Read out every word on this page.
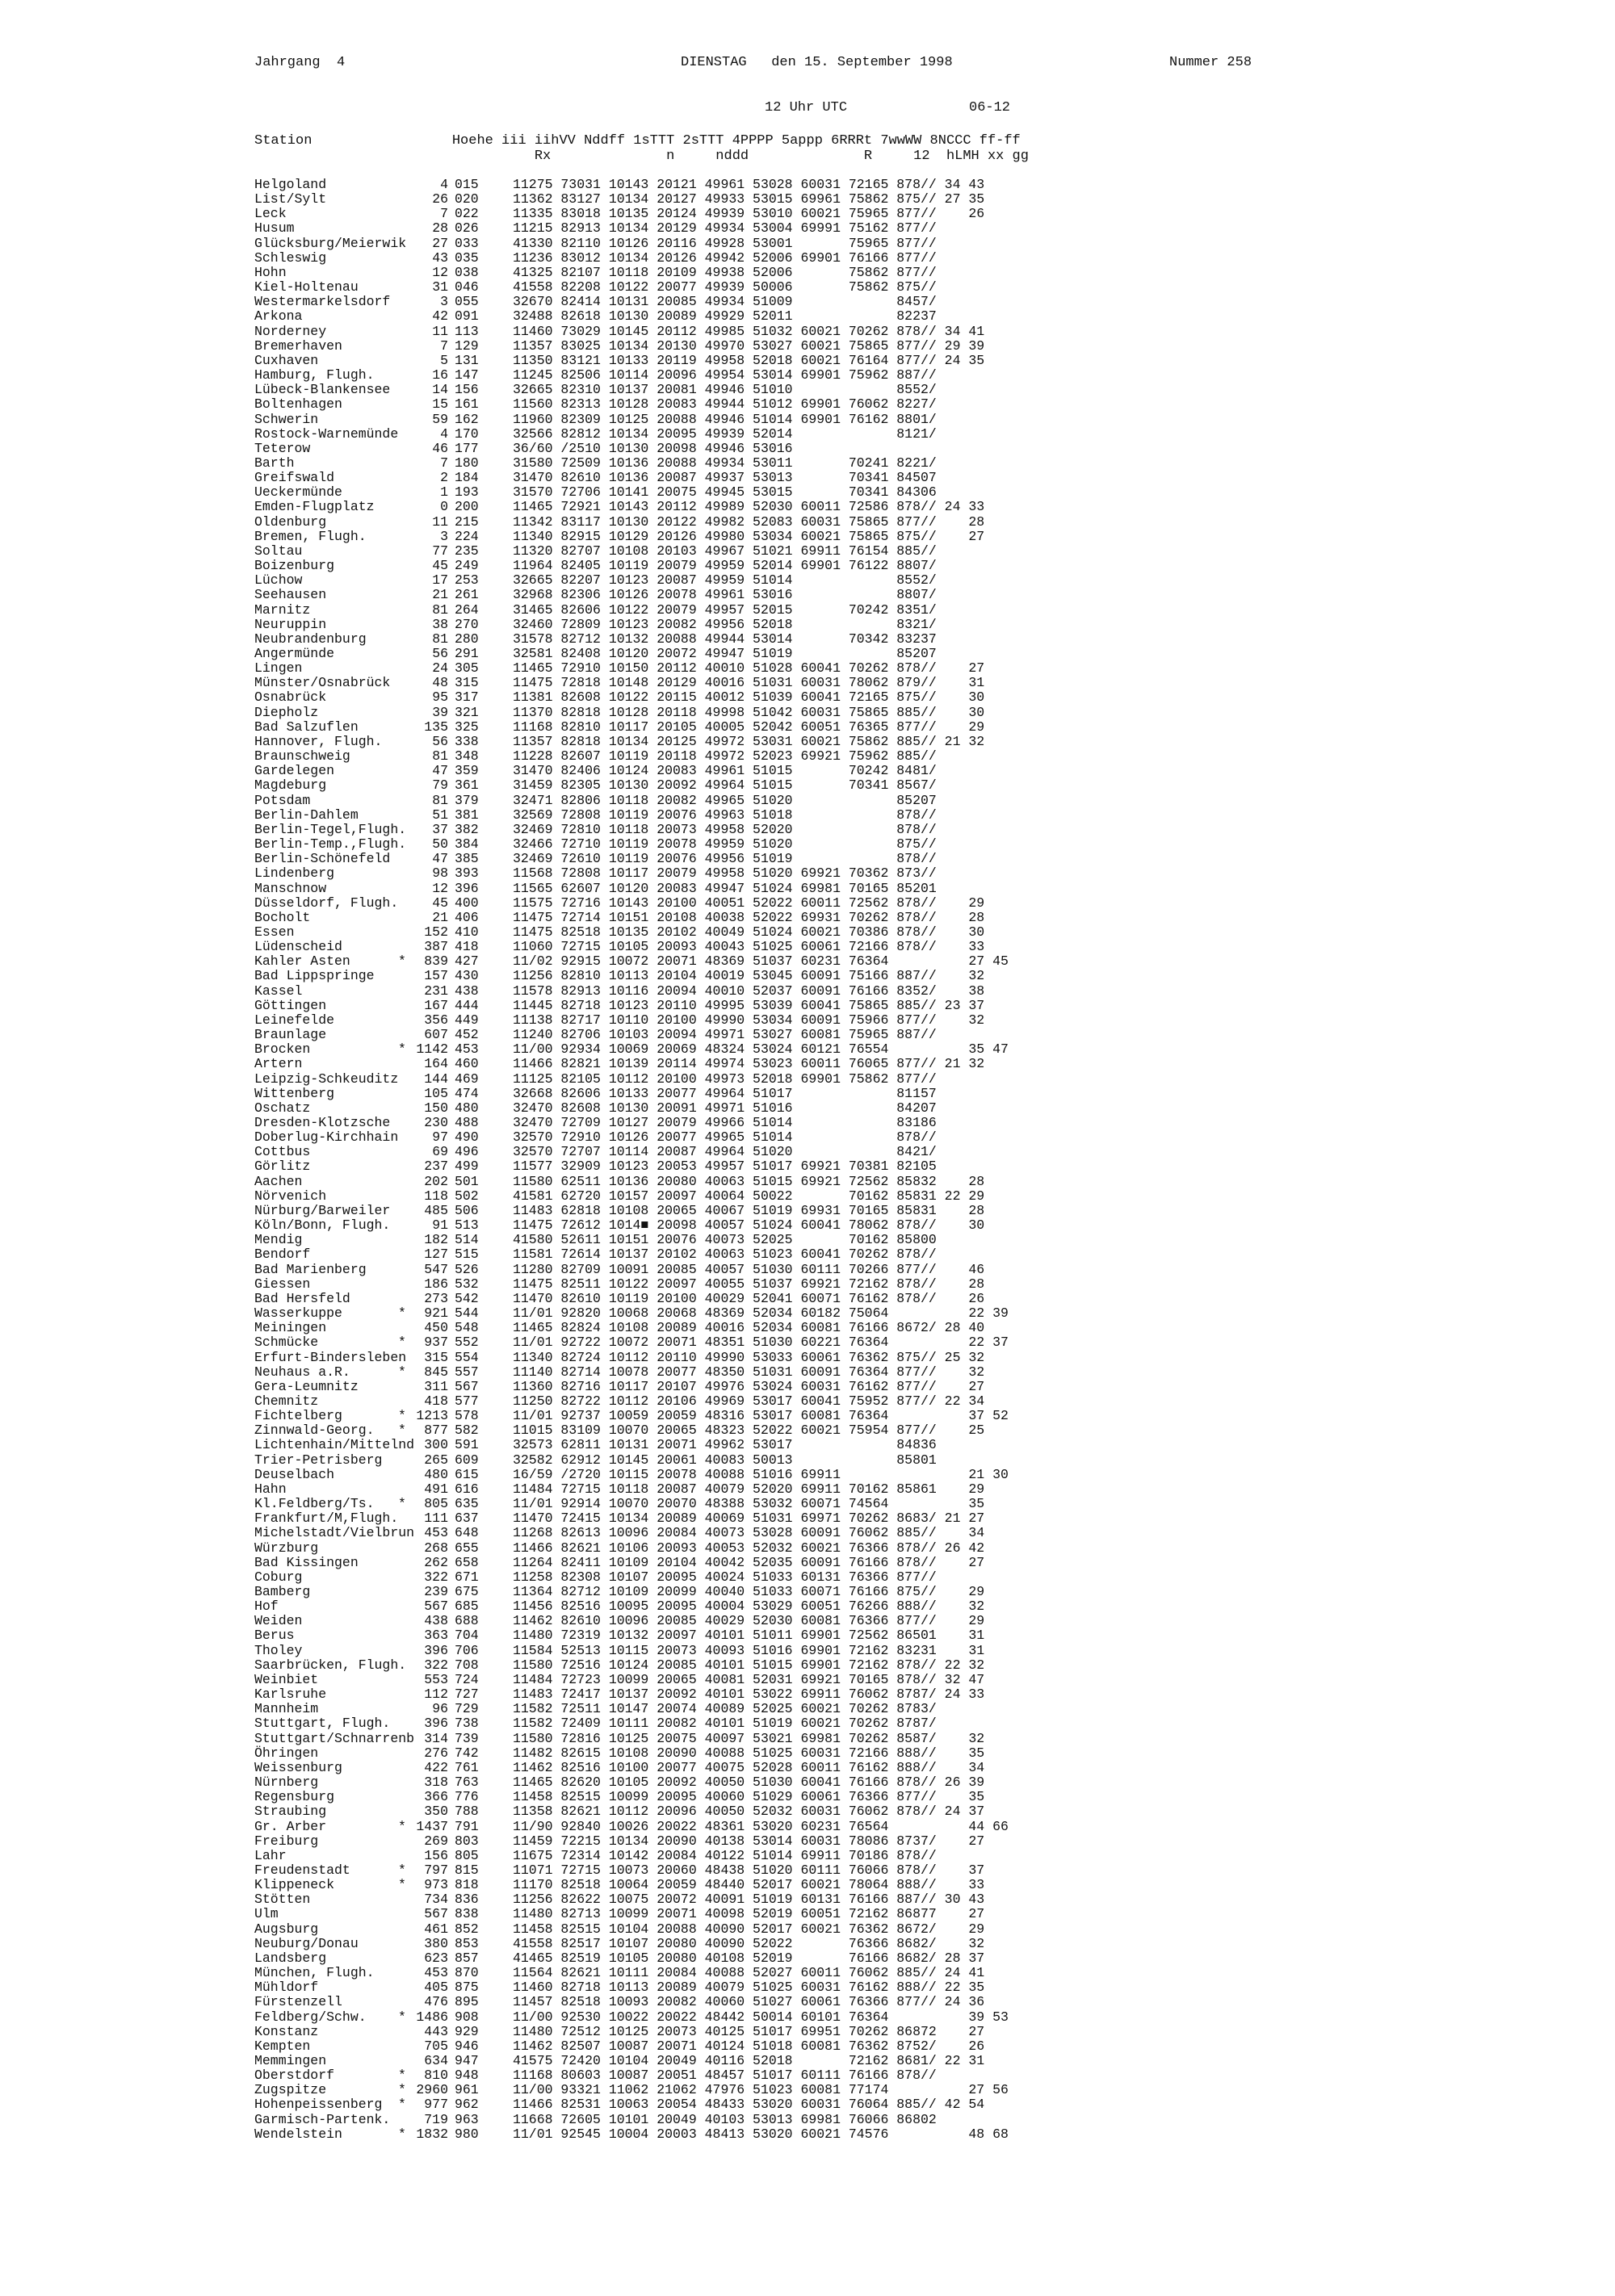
Jahrgang  4	DIENSTAG   den 15. September 1998	Nummer 258
12 Uhr UTC	06-12
Station                 Hoehe iii iihVV Nddff 1sTTT 2sTTT 4PPPP 5appp 6RRRt 7wwWW 8NCCC ff-ff
Rx              n     nddd              R     12  hLMH xx gg
Helgoland	4 015	11275 73031 10143 20121 49961 53028 60031 72165 878// 34 43
List/Sylt	26 020	11362 83127 10134 20127 49933 53015 69961 75862 875// 27 35
Leck	7 022	11335 83018 10135 20124 49939 53010 60021 75965 877//    26
Husum	28 026	11215 82913 10134 20129 49934 53004 69991 75162 877//
Glücksburg/Meierwik	27 033	41330 82110 10126 20116 49928 53001       75965 877//
Schleswig	43 035	11236 83012 10134 20126 49942 52006 69901 76166 877//
Hohn	12 038	41325 82107 10118 20109 49938 52006       75862 877//
Kiel-Holtenau	31 046	41558 82208 10122 20077 49939 50006       75862 875//
Westermarkelsdorf	3 055	32670 82414 10131 20085 49934 51009             8457/
Arkona	42 091	32488 82618 10130 20089 49929 52011             82237
Norderney	11 113	11460 73029 10145 20112 49985 51032 60021 70262 878// 34 41
Bremerhaven	7 129	11357 83025 10134 20130 49970 53027 60021 75865 877// 29 39
Cuxhaven	5 131	11350 83121 10133 20119 49958 52018 60021 76164 877// 24 35
Hamburg, Flugh.	16 147	11245 82506 10114 20096 49954 53014 69901 75962 887//
Lübeck-Blankensee	14 156	32665 82310 10137 20081 49946 51010             8552/
Boltenhagen	15 161	11560 82313 10128 20083 49944 51012 69901 76062 8227/
Schwerin	59 162	11960 82309 10125 20088 49946 51014 69901 76162 8801/
Rostock-Warnemünde	4 170	32566 82812 10134 20095 49939 52014             8121/
Teterow	46 177	36/60 /2510 10130 20098 49946 53016
Barth	7 180	31580 72509 10136 20088 49934 53011       70241 8221/
Greifswald	2 184	31470 82610 10136 20087 49937 53013       70341 84507
Ueckermünde	1 193	31570 72706 10141 20075 49945 53015       70341 84306
Emden-Flugplatz	0 200	11465 72921 10143 20112 49989 52030 60011 72586 878// 24 33
Oldenburg	11 215	11342 83117 10130 20122 49982 52083 60031 75865 877//    28
Bremen, Flugh.	3 224	11340 82915 10129 20126 49980 53034 60021 75865 875//    27
Soltau	77 235	11320 82707 10108 20103 49967 51021 69911 76154 885//
Boizenburg	45 249	11964 82405 10119 20079 49959 52014 69901 76122 8807/
Lüchow	17 253	32665 82207 10123 20087 49959 51014             8552/
Seehausen	21 261	32968 82306 10126 20078 49961 53016             8807/
Marnitz	81 264	31465 82606 10122 20079 49957 52015       70242 8351/
Neuruppin	38 270	32460 72809 10123 20082 49956 52018             8321/
Neubrandenburg	81 280	31578 82712 10132 20088 49944 53014       70342 83237
Angermünde	56 291	32581 82408 10120 20072 49947 51019             85207
Lingen	24 305	11465 72910 10150 20112 40010 51028 60041 70262 878//    27
Münster/Osnabrück	48 315	11475 72818 10148 20129 40016 51031 60031 78062 879//    31
Osnabrück	95 317	11381 82608 10122 20115 40012 51039 60041 72165 875//    30
Diepholz	39 321	11370 82818 10128 20118 49998 51042 60031 75865 885//    30
Bad Salzuflen	135 325	11168 82810 10117 20105 40005 52042 60051 76365 877//    29
Hannover, Flugh.	56 338	11357 82818 10134 20125 49972 53031 60021 75862 885// 21 32
Braunschweig	81 348	11228 82607 10119 20118 49972 52023 69921 75962 885//
Gardelegen	47 359	31470 82406 10124 20083 49961 51015       70242 8481/
Magdeburg	79 361	31459 82305 10130 20092 49964 51015       70341 8567/
Potsdam	81 379	32471 82806 10118 20082 49965 51020             85207
Berlin-Dahlem	51 381	32569 72808 10119 20076 49963 51018             878//
Berlin-Tegel,Flugh.	37 382	32469 72810 10118 20073 49958 52020             878//
Berlin-Temp.,Flugh.	50 384	32466 72710 10119 20078 49959 51020             875//
Berlin-Schönefeld	47 385	32469 72610 10119 20076 49956 51019             878//
Lindenberg	98 393	11568 72808 10117 20079 49958 51020 69921 70362 873//
Manschnow	12 396	11565 62607 10120 20083 49947 51024 69981 70165 85201
Düsseldorf, Flugh.	45 400	11575 72716 10143 20100 40051 52022 60011 72562 878//    29
Bocholt	21 406	11475 72714 10151 20108 40038 52022 69931 70262 878//    28
Essen	152 410	11475 82518 10135 20102 40049 51024 60021 70386 878//    30
Lüdenscheid	387 418	11060 72715 10105 20093 40043 51025 60061 72166 878//    33
Kahler Asten	*	839 427	11/02 92915 10072 20071 48369 51037 60231 76364          27 45
Bad Lippspringe	157 430	11256 82810 10113 20104 40019 53045 60091 75166 887//    32
Kassel	231 438	11578 82913 10116 20094 40010 52037 60091 76166 8352/    38
Göttingen	167 444	11445 82718 10123 20110 49995 53039 60041 75865 885// 23 37
Leinefelde	356 449	11138 82717 10110 20100 49990 53034 60091 75966 877//    32
Braunlage	607 452	11240 82706 10103 20094 49971 53027 60081 75965 887//
Brocken	* 1142 453	11/00 92934 10069 20069 48324 53024 60121 76554          35 47
Artern	164 460	11466 82821 10139 20114 49974 53023 60011 76065 877// 21 32
Leipzig-Schkeuditz	144 469	11125 82105 10112 20100 49973 52018 69901 75862 877//
Wittenberg	105 474	32668 82606 10133 20077 49964 51017             81157
Oschatz	150 480	32470 82608 10130 20091 49971 51016             84207
Dresden-Klotzsche	230 488	32470 72709 10127 20079 49966 51014             83186
Doberlug-Kirchhain	97 490	32570 72910 10126 20077 49965 51014             878//
Cottbus	69 496	32570 72707 10114 20087 49964 51020             8421/
Görlitz	237 499	11577 32909 10123 20053 49957 51017 69921 70381 82105
Aachen	202 501	11580 62511 10136 20080 40063 51015 69921 72562 85832    28
Nörvenich	118 502	41581 62720 10157 20097 40064 50022       70162 85831 22 29
Nürburg/Barweiler	485 506	11483 62818 10108 20065 40067 51019 69931 70165 85831    28
Köln/Bonn, Flugh.	91 513	11475 72612 1014■ 20098 40057 51024 60041 78062 878//    30
Mendig	182 514	41580 52611 10151 20076 40073 52025       70162 85800
Bendorf	127 515	11581 72614 10137 20102 40063 51023 60041 70262 878//
Bad Marienberg	547 526	11280 82709 10091 20085 40057 51030 60111 70266 877//    46
Giessen	186 532	11475 82511 10122 20097 40055 51037 69921 72162 878//    28
Bad Hersfeld	273 542	11470 82610 10119 20100 40029 52041 60071 76162 878//    26
Wasserkuppe	*	921 544	11/01 92820 10068 20068 48369 52034 60182 75064          22 39
Meiningen	450 548	11465 82824 10108 20089 40016 52034 60081 76166 8672/ 28 40
Schmücke	*	937 552	11/01 92722 10072 20071 48351 51030 60221 76364          22 37
Erfurt-Bindersleben	315 554	11340 82724 10112 20110 49990 53033 60061 76362 875// 25 32
Neuhaus a.R.	*	845 557	11140 82714 10078 20077 48350 51031 60091 76364 877//    32
Gera-Leumnitz	311 567	11360 82716 10117 20107 49976 53024 60031 76162 877//    27
Chemnitz	418 577	11250 82722 10112 20106 49969 53017 60041 75952 877// 22 34
Fichtelberg	* 1213 578	11/01 92737 10059 20059 48316 53017 60081 76364          37 52
Zinnwald-Georg. *	877 582	11015 83109 10070 20065 48323 52022 60021 75954 877//    25
Lichtenhain/Mittelnd 300 591	32573 62811 10131 20071 49962 53017             84836
Trier-Petrisberg	265 609	32582 62912 10145 20061 40083 50013             85801
Deuselbach	480 615	16/59 /2720 10115 20078 40088 51016 69911                21 30
Hahn	491 616	11484 72715 10118 20087 40079 52020 69911 70162 85861    29
Kl.Feldberg/Ts. *	805 635	11/01 92914 10070 20070 48388 53032 60071 74564          35
Frankfurt/M,Flugh.	111 637	11470 72415 10134 20089 40069 51031 69971 70262 8683/ 21 27
Michelstadt/Vielbrun 453 648	11268 82613 10096 20084 40073 53028 60091 76062 885//    34
Würzburg	268 655	11466 82621 10106 20093 40053 52032 60021 76366 878// 26 42
Bad Kissingen	262 658	11264 82411 10109 20104 40042 52035 60091 76166 878//    27
Coburg	322 671	11258 82308 10107 20095 40024 51033 60131 76366 877//
Bamberg	239 675	11364 82712 10109 20099 40040 51033 60071 76166 875//    29
Hof	567 685	11456 82516 10095 20095 40004 53029 60051 76266 888//    32
Weiden	438 688	11462 82610 10096 20085 40029 52030 60081 76366 877//    29
Berus	363 704	11480 72319 10132 20097 40101 51011 69901 72562 86501    31
Tholey	396 706	11584 52513 10115 20073 40093 51016 69901 72162 83231    31
Saarbrücken, Flugh.	322 708	11580 72516 10124 20085 40101 51015 69901 72162 878// 22 32
Weinbiet	553 724	11484 72723 10099 20065 40081 52031 69921 70165 878// 32 47
Karlsruhe	112 727	11483 72417 10137 20092 40101 53022 69911 76062 8787/ 24 33
Mannheim	96 729	11582 72511 10147 20074 40089 52025 60021 70262 8783/
Stuttgart, Flugh.	396 738	11582 72409 10111 20082 40101 51019 60021 70262 8787/
Stuttgart/Schnarrenb 314 739	11580 72816 10125 20075 40097 53021 69981 70262 8587/    32
Öhringen	276 742	11482 82615 10108 20090 40088 51025 60031 72166 888//    35
Weissenburg	422 761	11462 82516 10100 20077 40075 52028 60011 76162 888//    34
Nürnberg	318 763	11465 82620 10105 20092 40050 51030 60041 76166 878// 26 39
Regensburg	366 776	11458 82515 10099 20095 40060 51029 60061 76366 877//    35
Straubing	350 788	11358 82621 10112 20096 40050 52032 60031 76062 878// 24 37
Gr. Arber	* 1437 791	11/90 92840 10026 20022 48361 53020 60231 76564          44 66
Freiburg	269 803	11459 72215 10134 20090 40138 53014 60031 78086 8737/    27
Lahr	156 805	11675 72314 10142 20084 40122 51014 69911 70186 878//
Freudenstadt	*	797 815	11071 72715 10073 20060 48438 51020 60111 76066 878//    37
Klippeneck	*	973 818	11170 82518 10064 20059 48440 52017 60021 78064 888//    33
Stötten	734 836	11256 82622 10075 20072 40091 51019 60131 76166 887// 30 43
Ulm	567 838	11480 82713 10099 20071 40098 52019 60051 72162 86877    27
Augsburg	461 852	11458 82515 10104 20088 40090 52017 60021 76362 8672/    29
Neuburg/Donau	380 853	41558 82517 10107 20080 40090 52022       76366 8682/    32
Landsberg	623 857	41465 82519 10105 20080 40108 52019       76166 8682/ 28 37
München, Flugh.	453 870	11564 82621 10111 20084 40088 52027 60011 76062 885// 24 41
Mühldorf	405 875	11460 82718 10113 20089 40079 51025 60031 76162 888// 22 35
Fürstenzell	476 895	11457 82518 10093 20082 40060 51027 60061 76366 877// 24 36
Feldberg/Schw. * 1486 908	11/00 92530 10022 20022 48442 50014 60101 76364          39 53
Konstanz	443 929	11480 72512 10125 20073 40125 51017 69951 70262 86872    27
Kempten	705 946	11462 82507 10087 20071 40124 51018 60081 76362 8752/    26
Memmingen	634 947	41575 72420 10104 20049 40116 52018       72162 8681/ 22 31
Oberstdorf	*	810 948	11168 80603 10087 20051 48457 51017 60111 76166 878//
Zugspitze	* 2960 961	11/00 93321 11062 21062 47976 51023 60081 77174          27 56
Hohenpeissenberg *	977 962	11466 82531 10063 20054 48433 53020 60031 76064 885// 42 54
Garmisch-Partenk.	719 963	11668 72605 10101 20049 40103 53013 69981 76066 86802
Wendelstein	* 1832 980	11/01 92545 10004 20003 48413 53020 60021 74576          48 68
